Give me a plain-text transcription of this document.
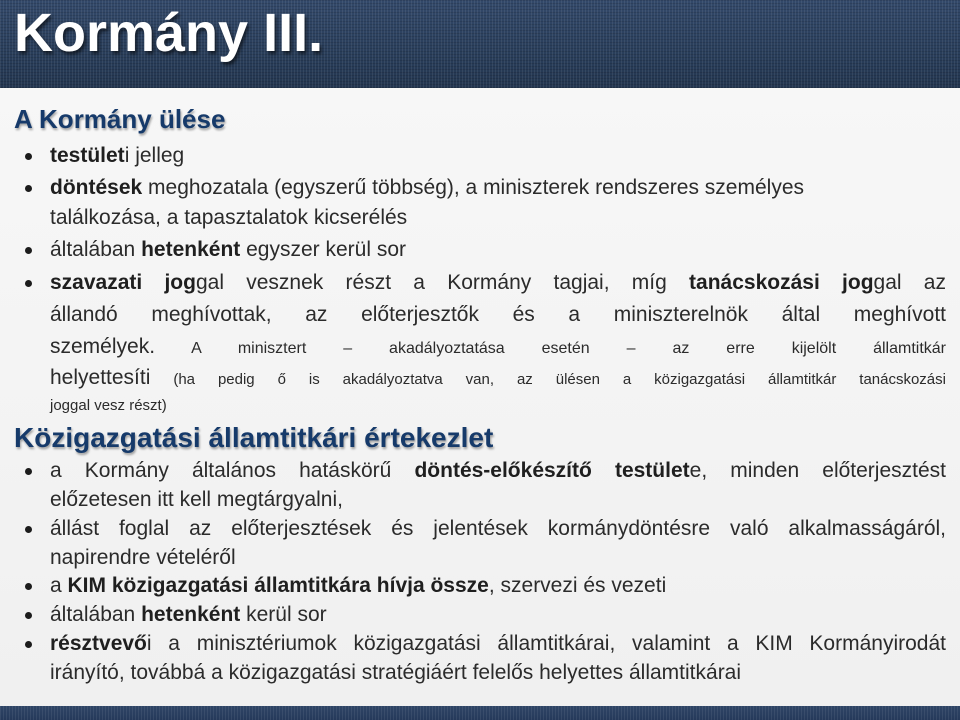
Kormány III.
A Kormány ülése
testületi jelleg
döntések meghozatala (egyszerű többség), a miniszterek rendszeres személyes
találkozása, a tapasztalatok kicserélés
általában hetenként egyszer kerül sor
szavazati joggal vesznek részt a Kormány tagjai, míg tanácskozási joggal az
állandó meghívottak, az előterjesztők és a miniszterelnök által meghívott
személyek. A minisztert – akadályoztatása esetén – az erre kijelölt államtitkár
helyettesíti (ha pedig ő is akadályoztatva van, az ülésen a közigazgatási államtitkár tanácskozási
joggal vesz részt)
Közigazgatási államtitkári értekezlet
a Kormány általános hatáskörű döntés-előkészítő testülete, minden előterjesztést
előzetesen itt kell megtárgyalni,
állást foglal az előterjesztések és jelentések kormánydöntésre való alkalmasságáról,
napirendre vételéről
a KIM közigazgatási államtitkára hívja össze, szervezi és vezeti
általában hetenként kerül sor
résztvevői a minisztériumok közigazgatási államtitkárai, valamint a KIM Kormányirodát
irányító, továbbá a közigazgatási stratégiáért felelős helyettes államtitkárai
